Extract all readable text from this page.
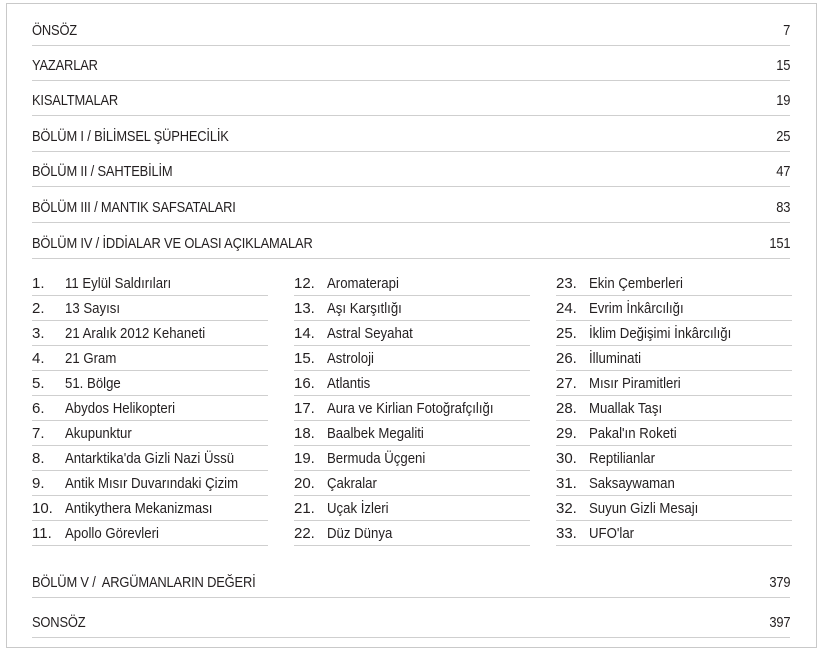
ÖNSÖZ	7
YAZARLAR	15
KISALTMALAR	19
BÖLÜM I / BİLİMSEL ŞÜPHECİLİK	25
BÖLÜM II / SAHTEBİLİM	47
BÖLÜM III / MANTIK SAFSATALARI	83
BÖLÜM IV / İDDİALAR VE OLASI AÇIKLAMALAR	151
1.	11 Eylül Saldırıları
2.	13 Sayısı
3.	21 Aralık 2012 Kehaneti
4.	21 Gram
5.	51. Bölge
6.	Abydos Helikopteri
7.	Akupunktur
8.	Antarktika'da Gizli Nazi Üssü
9.	Antik Mısır Duvarındaki Çizim
10. Antikythera Mekanizması
11. Apollo Görevleri
12. Aromaterapi
13. Aşı Karşıtlığı
14. Astral Seyahat
15. Astroloji
16. Atlantis
17. Aura ve Kirlian Fotoğrafçılığı
18. Baalbek Megaliti
19. Bermuda Üçgeni
20. Çakralar
21. Uçak İzleri
22. Düz Dünya
23. Ekin Çemberleri
24. Evrim İnkârcılığı
25. İklim Değişimi İnkârcılığı
26. İlluminati
27. Mısır Piramitleri
28. Muallak Taşı
29. Pakal'ın Roketi
30. Reptilianlar
31. Saksaywaman
32. Suyun Gizli Mesajı
33. UFO'lar
BÖLÜM V /  ARGÜMANLARIN DEĞERİ	379
SONSÖZ	397
